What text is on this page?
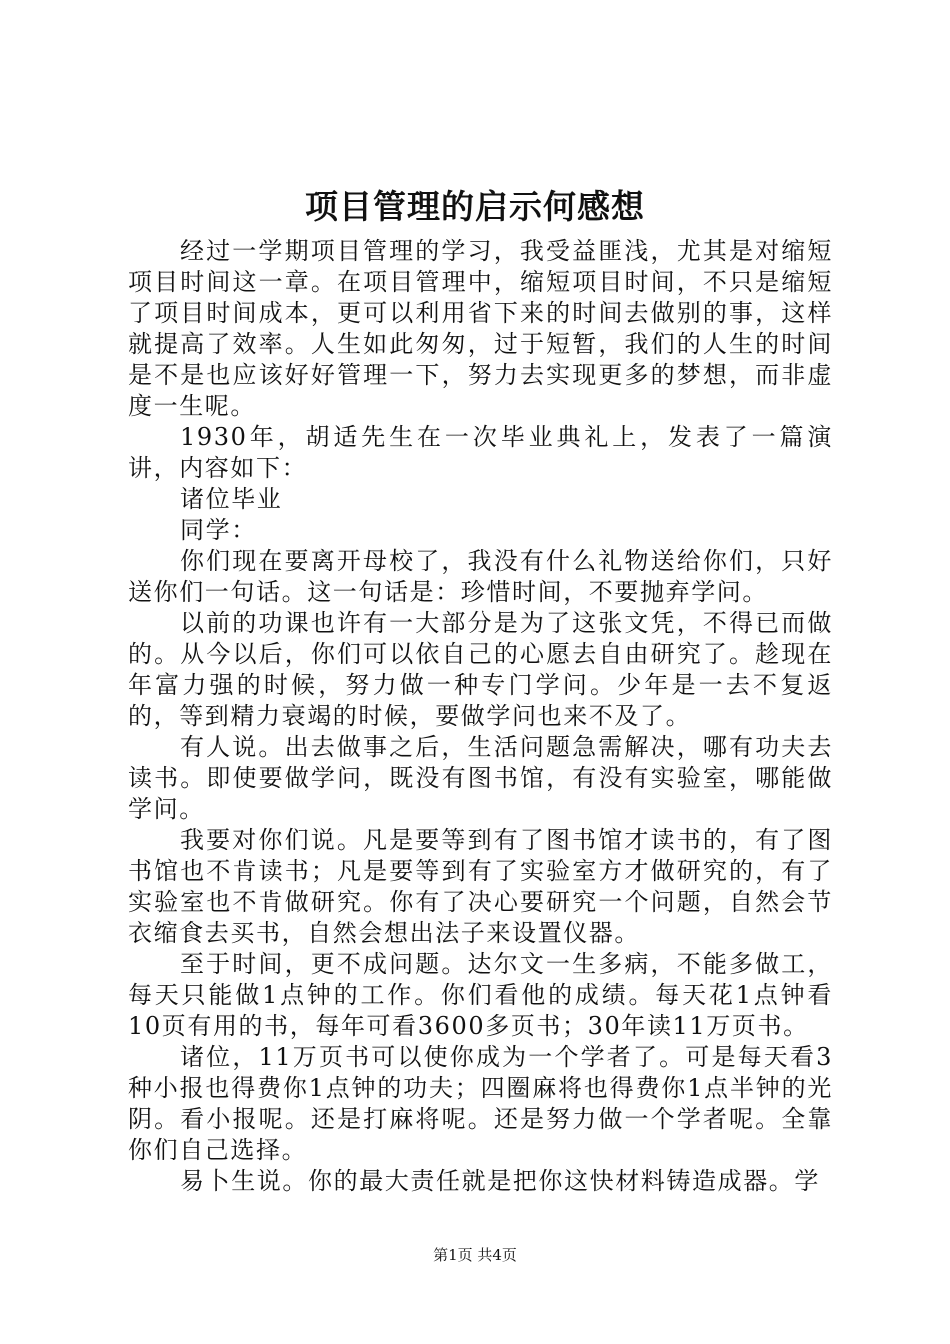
项目管理的启示何感想

经过一学期项目管理的学习，我受益匪浅，尤其是对缩短项目时间这一章。在项目管理中，缩短项目时间，不只是缩短了项目时间成本，更可以利用省下来的时间去做别的事，这样就提高了效率。人生如此匆匆，过于短暂，我们的人生的时间是不是也应该好好管理一下，努力去实现更多的梦想，而非虚度一生呢。

1930年，胡适先生在一次毕业典礼上，发表了一篇演讲，内容如下：

诸位毕业

同学：

你们现在要离开母校了，我没有什么礼物送给你们，只好送你们一句话。这一句话是：珍惜时间，不要抛弃学问。

以前的功课也许有一大部分是为了这张文凭，不得已而做的。从今以后，你们可以依自己的心愿去自由研究了。趁现在年富力强的时候，努力做一种专门学问。少年是一去不复返的，等到精力衰竭的时候，要做学问也来不及了。

有人说。出去做事之后，生活问题急需解决，哪有功夫去读书。即使要做学问，既没有图书馆，有没有实验室，哪能做学问。

我要对你们说。凡是要等到有了图书馆才读书的，有了图书馆也不肯读书；凡是要等到有了实验室方才做研究的，有了实验室也不肯做研究。你有了决心要研究一个问题，自然会节衣缩食去买书，自然会想出法子来设置仪器。

至于时间，更不成问题。达尔文一生多病，不能多做工，每天只能做1点钟的工作。你们看他的成绩。每天花1点钟看10页有用的书，每年可看3600多页书；30年读11万页书。

诸位，11万页书可以使你成为一个学者了。可是每天看3种小报也得费你1点钟的功夫；四圈麻将也得费你1点半钟的光阴。看小报呢。还是打麻将呢。还是努力做一个学者呢。全靠你们自己选择。

易卜生说。你的最大责任就是把你这快材料铸造成器。学

第1页 共4页
